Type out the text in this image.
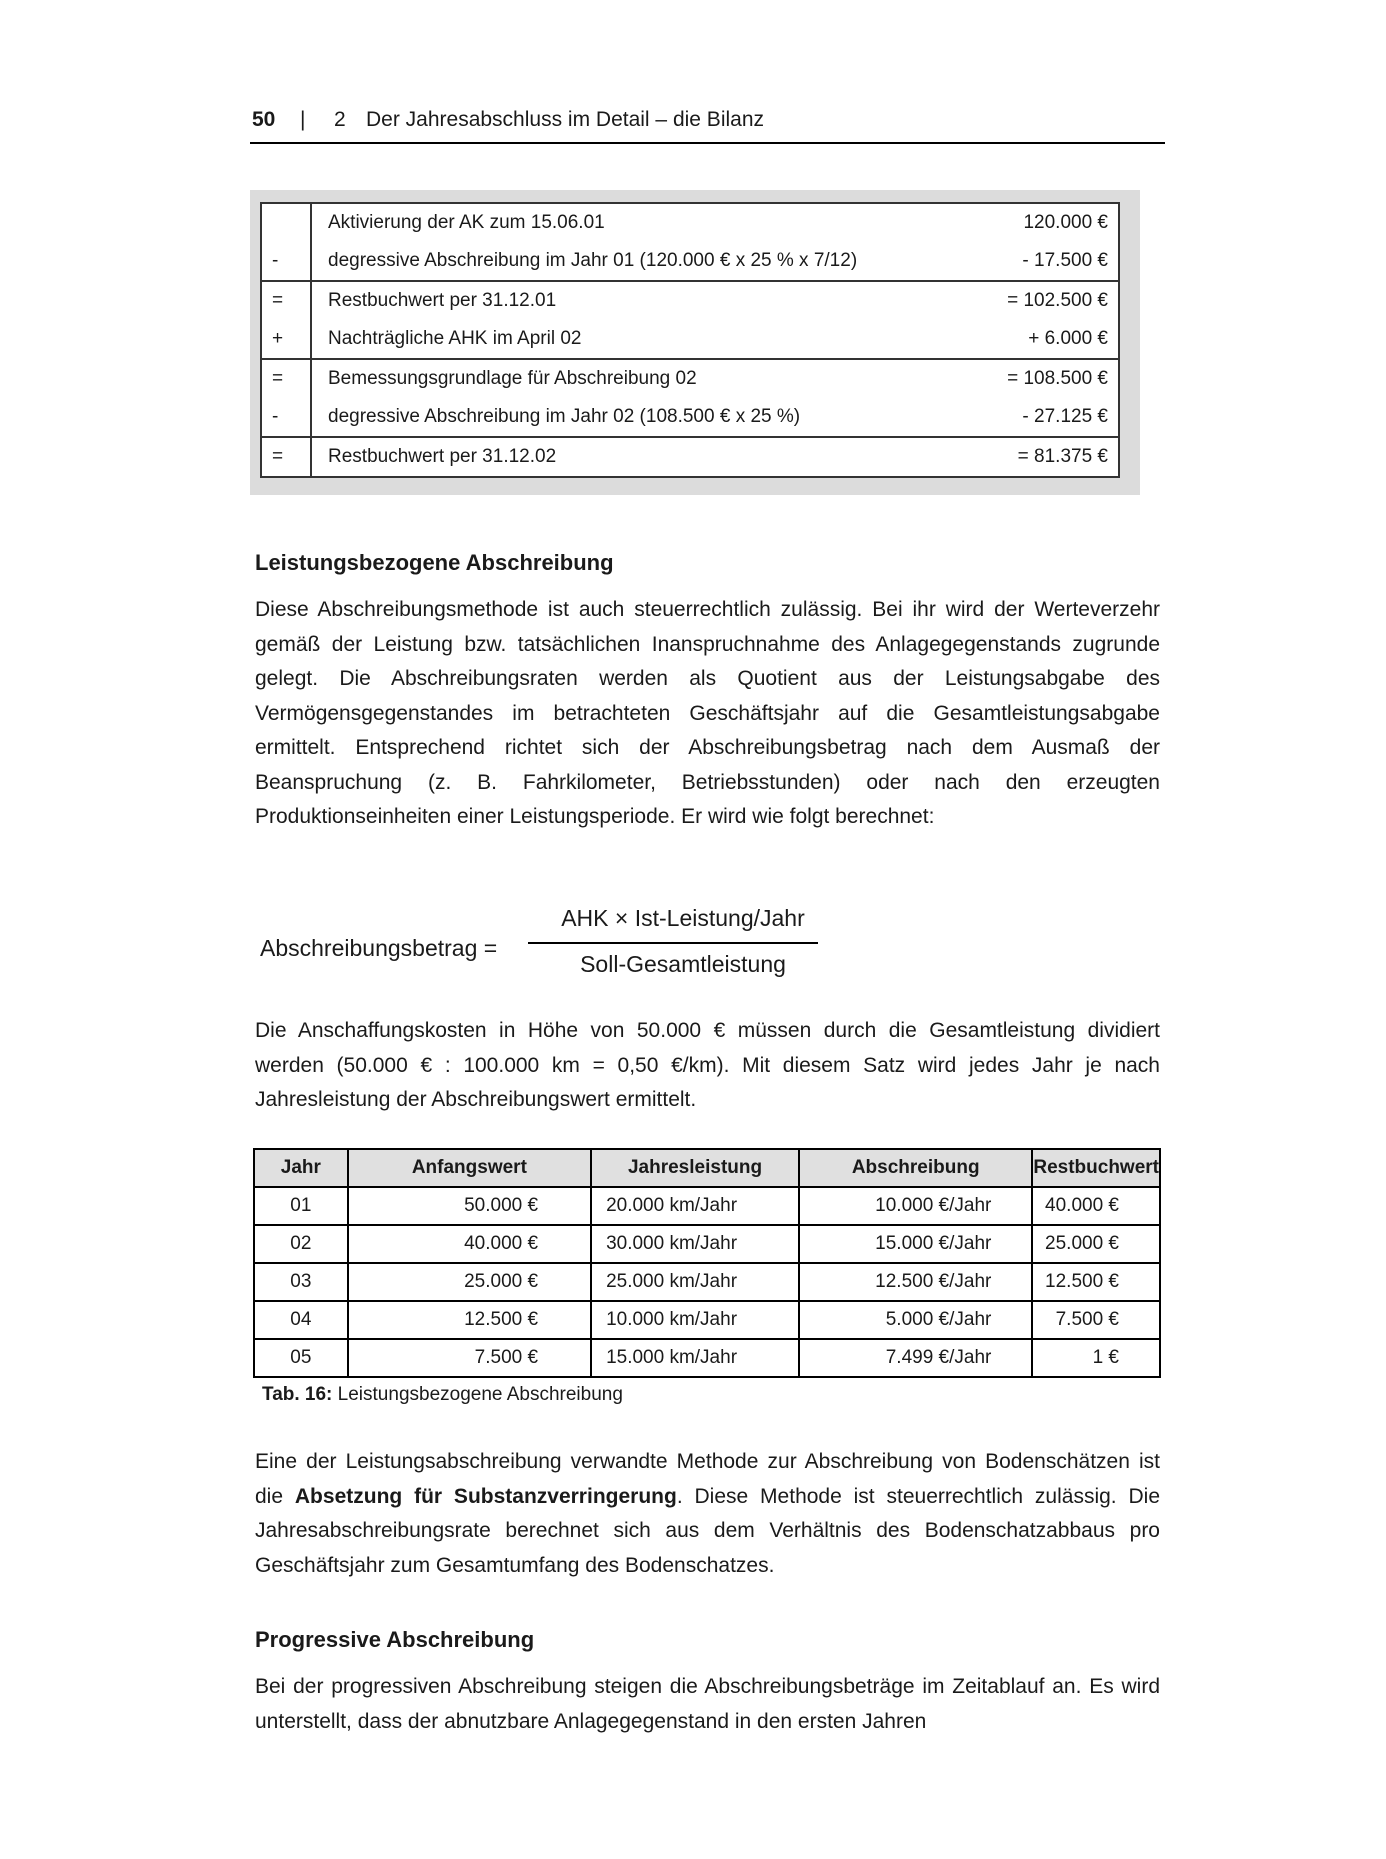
50 | 2 Der Jahresabschluss im Detail – die Bilanz
	Aktivierung der AK zum 15.06.01	120.000 €
-	degressive Abschreibung im Jahr 01 (120.000 € x 25 % x 7/12)	- 17.500 €
=	Restbuchwert per 31.12.01	= 102.500 €
+	Nachträgliche AHK im April 02	+ 6.000 €
=	Bemessungsgrundlage für Abschreibung 02	= 108.500 €
-	degressive Abschreibung im Jahr 02 (108.500 € x 25 %)	- 27.125 €
=	Restbuchwert per 31.12.02	= 81.375 €
Leistungsbezogene Abschreibung

Diese Abschreibungsmethode ist auch steuerrechtlich zulässig. Bei ihr wird der Werteverzehr gemäß der Leistung bzw. tatsächlichen Inanspruchnahme des Anlagegegenstands zugrunde gelegt. Die Abschreibungsraten werden als Quotient aus der Leistungsabgabe des Vermögensgegenstandes im betrachteten Geschäftsjahr auf die Gesamtleistungsabgabe ermittelt. Entsprechend richtet sich der Abschreibungsbetrag nach dem Ausmaß der Beanspruchung (z. B. Fahrkilometer, Betriebsstunden) oder nach den erzeugten Produktionseinheiten einer Leistungsperiode. Er wird wie folgt berechnet:

Abschreibungsbetrag =
AHK × Ist-Leistung/Jahr
Soll-Gesamtleistung

Die Anschaffungskosten in Höhe von 50.000 € müssen durch die Gesamtleistung dividiert werden (50.000 € : 100.000 km = 0,50 €/km). Mit diesem Satz wird jedes Jahr je nach Jahresleistung der Abschreibungswert ermittelt.

Jahr	Anfangswert	Jahresleistung	Abschreibung	Restbuchwert
01	50.000 €	20.000 km/Jahr	10.000 €/Jahr	40.000 €
02	40.000 €	30.000 km/Jahr	15.000 €/Jahr	25.000 €
03	25.000 €	25.000 km/Jahr	12.500 €/Jahr	12.500 €
04	12.500 €	10.000 km/Jahr	5.000 €/Jahr	7.500 €
05	7.500 €	15.000 km/Jahr	7.499 €/Jahr	1 €
Tab. 16: Leistungsbezogene Abschreibung

Eine der Leistungsabschreibung verwandte Methode zur Abschreibung von Bodenschätzen ist die Absetzung für Substanzverringerung. Diese Methode ist steuerrechtlich zulässig. Die Jahresabschreibungsrate berechnet sich aus dem Verhältnis des Bodenschatzabbaus pro Geschäftsjahr zum Gesamtumfang des Bodenschatzes.

Progressive Abschreibung

Bei der progressiven Abschreibung steigen die Abschreibungsbeträge im Zeitablauf an. Es wird unterstellt, dass der abnutzbare Anlagegegenstand in den ersten Jahren
